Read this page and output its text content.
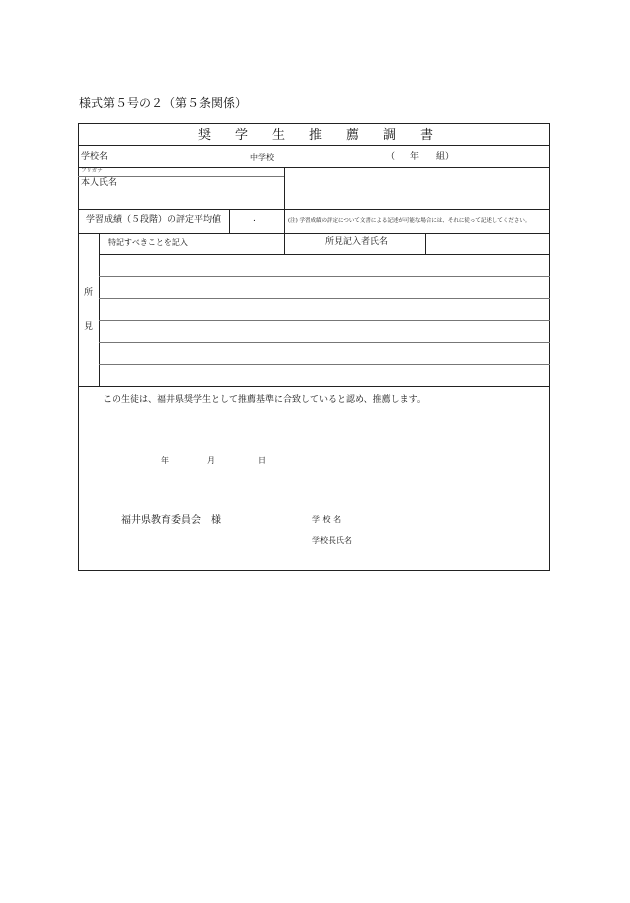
様式第５号の２（第５条関係）
奨学生推薦調書
学校名	中学校	（ 年 組）
フリガナ
本人氏名
学習成績（５段階）の評定平均値	.	(注) 学習成績の評定について文書による記述が可能な場合には、それに従って記述してください。
所
見
特記すべきことを記入	所見記入者氏名
この生徒は、福井県奨学生として推薦基準に合致していると認め、推薦します。
年	月	日
福井県教育委員会　様	学 校 名
学校長氏名
